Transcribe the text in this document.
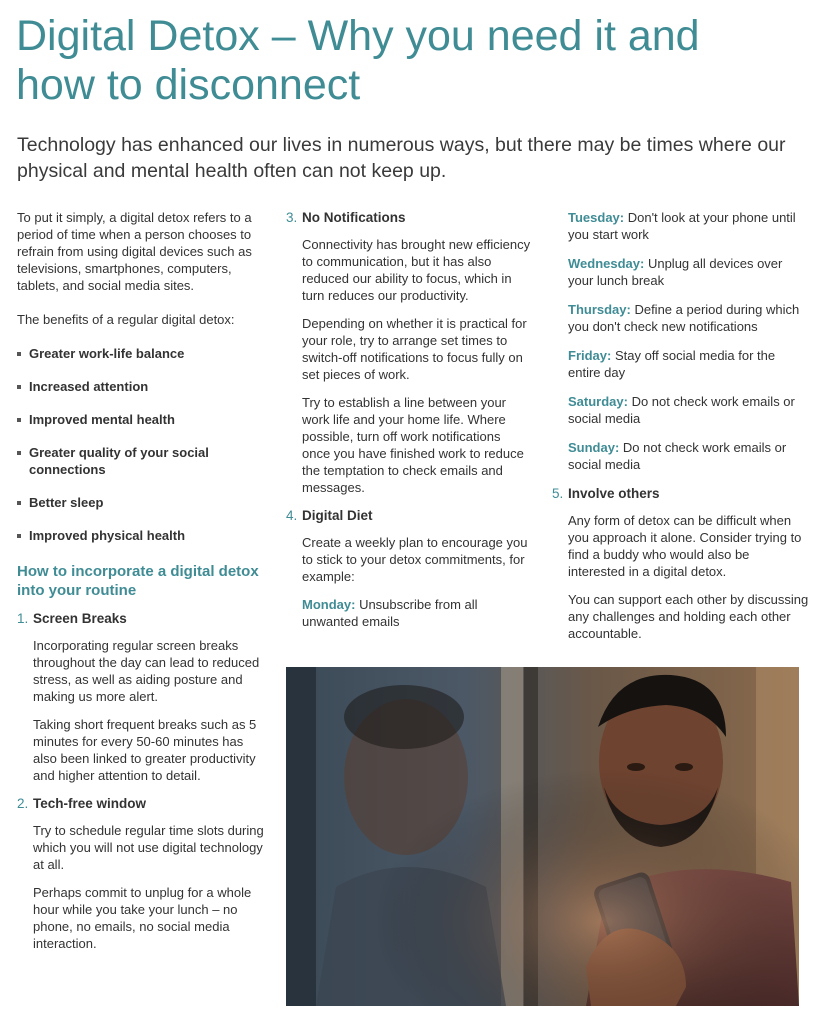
Digital Detox – Why you need it and
how to disconnect

Technology has enhanced our lives in numerous ways, but there may be times where our physical and mental health often can not keep up.

To put it simply, a digital detox refers to a period of time when a person chooses to refrain from using digital devices such as televisions, smartphones, computers, tablets, and social media sites.

The benefits of a regular digital detox:

Greater work-life balance
Increased attention
Improved mental health
Greater quality of your social connections
Better sleep
Improved physical health
How to incorporate a digital detox into your routine
1. Screen Breaks

Incorporating regular screen breaks throughout the day can lead to reduced stress, as well as aiding posture and making us more alert.

Taking short frequent breaks such as 5 minutes for every 50-60 minutes has also been linked to greater productivity and higher attention to detail.

2. Tech-free window

Try to schedule regular time slots during which you will not use digital technology at all.

Perhaps commit to unplug for a whole hour while you take your lunch – no phone, no emails, no social media interaction.

3. No Notifications

Connectivity has brought new efficiency to communication, but it has also reduced our ability to focus, which in turn reduces our productivity.

Depending on whether it is practical for your role, try to arrange set times to switch-off notifications to focus fully on set pieces of work.

Try to establish a line between your work life and your home life. Where possible, turn off work notifications once you have finished work to reduce the temptation to check emails and messages.

4. Digital Diet

Create a weekly plan to encourage you to stick to your detox commitments, for example:

Monday: Unsubscribe from all unwanted emails

Tuesday: Don't look at your phone until you start work

Wednesday: Unplug all devices over your lunch break

Thursday: Define a period during which you don't check new notifications

Friday: Stay off social media for the entire day

Saturday: Do not check work emails or social media

Sunday: Do not check work emails or social media

5. Involve others

Any form of detox can be difficult when you approach it alone. Consider trying to find a buddy who would also be interested in a digital detox.

You can support each other by discussing any challenges and holding each other accountable.
